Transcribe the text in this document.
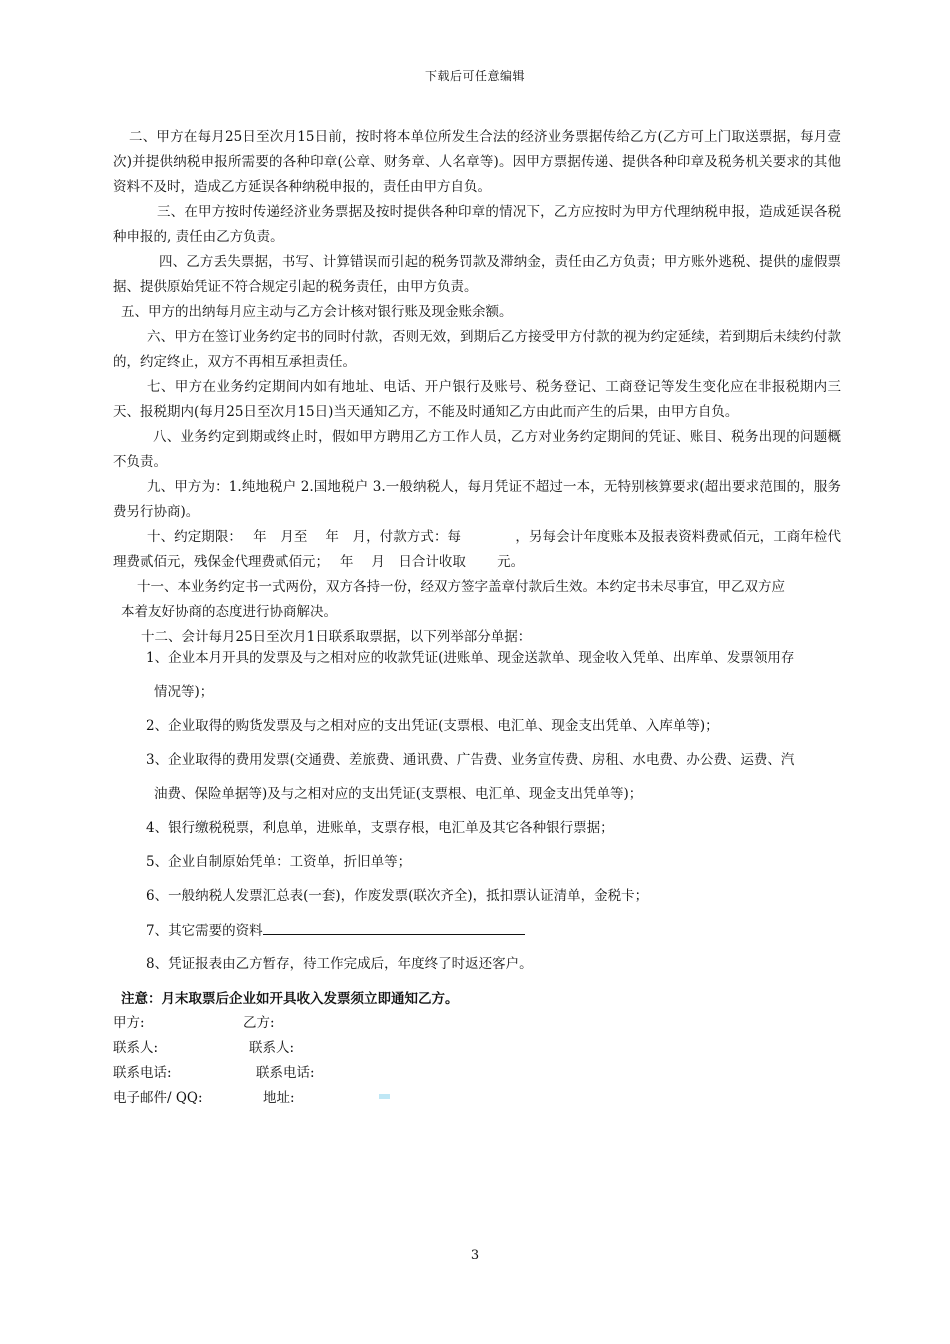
下载后可任意编辑

二、甲方在每月25日至次月15日前，按时将本单位所发生合法的经济业务票据传给乙方(乙方可上门取送票据，每月壹次)并提供纳税申报所需要的各种印章(公章、财务章、人名章等)。因甲方票据传递、提供各种印章及税务机关要求的其他资料不及时，造成乙方延误各种纳税申报的，责任由甲方自负。

三、在甲方按时传递经济业务票据及按时提供各种印章的情况下，乙方应按时为甲方代理纳税申报，造成延误各税种申报的, 责任由乙方负责。

四、乙方丢失票据，书写、计算错误而引起的税务罚款及滞纳金，责任由乙方负责；甲方账外逃税、提供的虚假票据、提供原始凭证不符合规定引起的税务责任，由甲方负责。

五、甲方的出纳每月应主动与乙方会计核对银行账及现金账余额。

六、甲方在签订业务约定书的同时付款，否则无效，到期后乙方接受甲方付款的视为约定延续，若到期后未续约付款的，约定终止，双方不再相互承担责任。

七、甲方在业务约定期间内如有地址、电话、开户银行及账号、税务登记、工商登记等发生变化应在非报税期内三天、报税期内(每月25日至次月15日)当天通知乙方，不能及时通知乙方由此而产生的后果，由甲方自负。

八、业务约定到期或终止时，假如甲方聘用乙方工作人员，乙方对业务约定期间的凭证、账目、税务出现的问题概不负责。

九、甲方为：1.纯地税户 2.国地税户 3.一般纳税人，每月凭证不超过一本，无特别核算要求(超出要求范围的，服务费另行协商)。

十、约定期限：　 年　月至　 年　月，付款方式：每　　　　，另每会计年度账本及报表资料费贰佰元，工商年检代理费贰佰元，残保金代理费贰佰元；　 年　 月　日合计收取　　 元。

十一、本业务约定书一式两份，双方各持一份，经双方签字盖章付款后生效。本约定书未尽事宜，甲乙双方应

本着友好协商的态度进行协商解决。

十二、会计每月25日至次月1日联系取票据，以下列举部分单据：

1、企业本月开具的发票及与之相对应的收款凭证(进账单、现金送款单、现金收入凭单、出库单、发票领用存
情况等)；
2、企业取得的购货发票及与之相对应的支出凭证(支票根、电汇单、现金支出凭单、入库单等)；
3、企业取得的费用发票(交通费、差旅费、通讯费、广告费、业务宣传费、房租、水电费、办公费、运费、汽
油费、保险单据等)及与之相对应的支出凭证(支票根、电汇单、现金支出凭单等)；
4、银行缴税税票，利息单，进账单，支票存根，电汇单及其它各种银行票据；
5、企业自制原始凭单：工资单，折旧单等；
6、一般纳税人发票汇总表(一套)，作废发票(联次齐全)，抵扣票认证清单，金税卡；
7、其它需要的资料
8、凭证报表由乙方暂存，待工作完成后，年度终了时返还客户。
注意：月末取票后企业如开具收入发票须立即通知乙方。
甲方:	乙方:
联系人:	联系人:
联系电话:	联系电话:
电子邮件/ QQ:	地址:
3
